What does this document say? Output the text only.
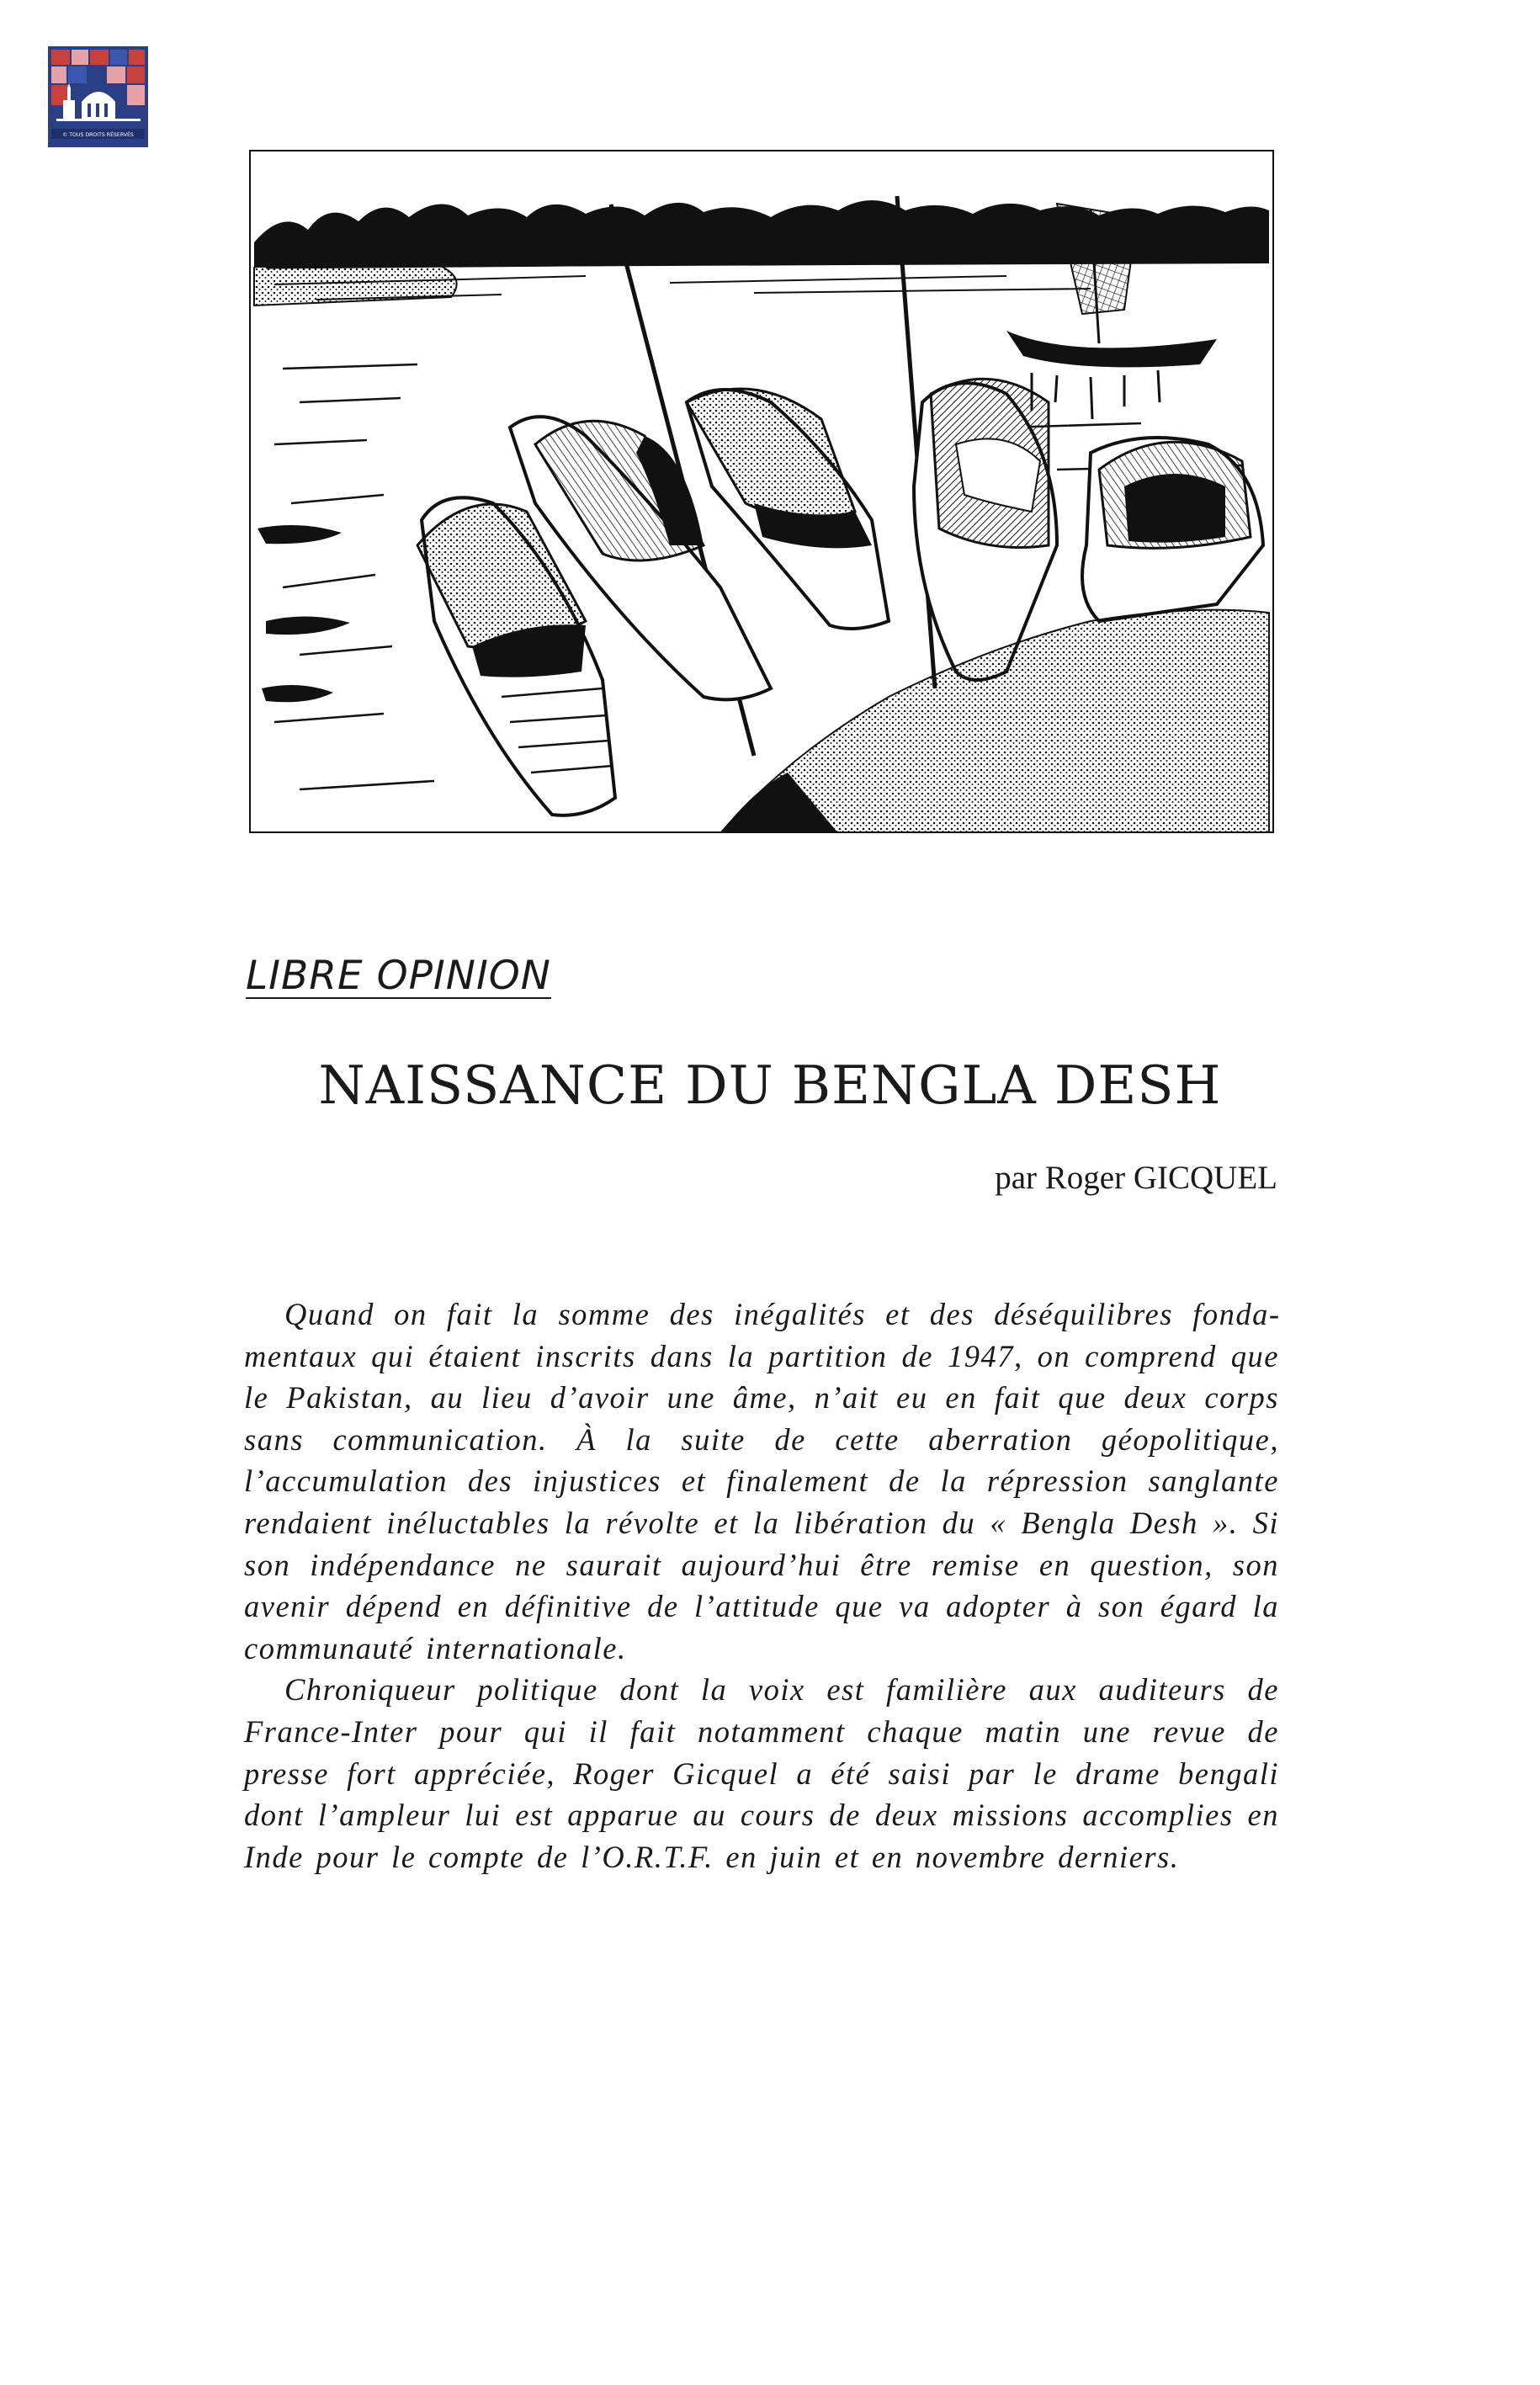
© TOUS DROITS RÉSERVÉS
LIBRE OPINION
NAISSANCE DU BENGLA DESH
par Roger GICQUEL

Quand on fait la somme des inégalités et des déséquilibres fondamentaux qui étaient inscrits dans la partition de 1947, on comprend que le Pakistan, au lieu d’avoir une âme, n’ait eu en fait que deux corps sans communication. À la suite de cette aberration géopolitique, l’accumulation des injustices et finalement de la répression sanglante rendaient inéluctables la révolte et la libération du « Bengla Desh ». Si son indépendance ne saurait aujourd’hui être remise en question, son avenir dépend en définitive de l’attitude que va adopter à son égard la communauté internationale.

Chroniqueur politique dont la voix est familière aux auditeurs de France-Inter pour qui il fait notamment chaque matin une revue de presse fort appréciée, Roger Gicquel a été saisi par le drame bengali dont l’ampleur lui est apparue au cours de deux missions accomplies en Inde pour le compte de l’O.R.T.F. en juin et en novembre derniers.
